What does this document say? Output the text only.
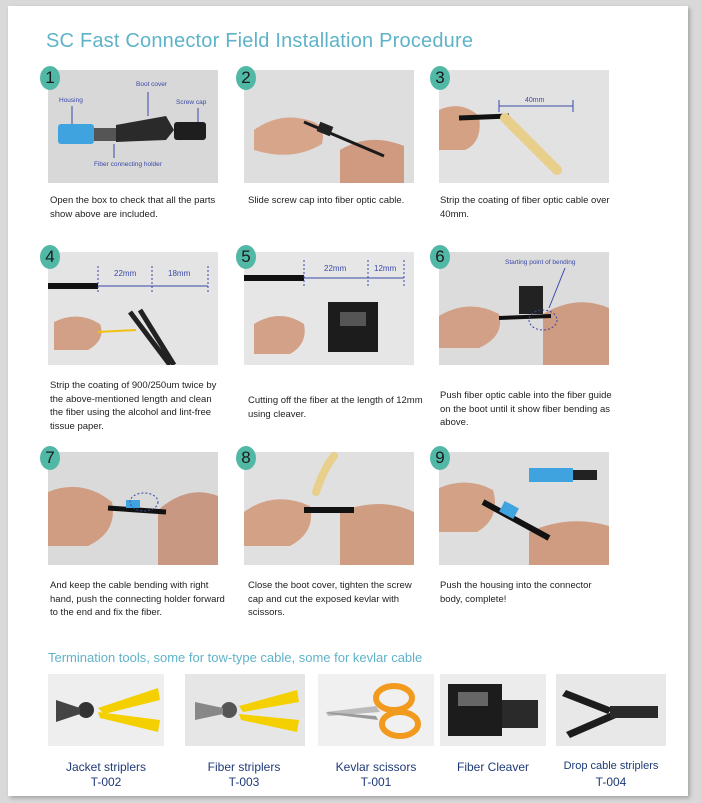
SC Fast Connector Field Installation Procedure
1
Housing
Boot cover
Screw cap
Fiber connecting holder
Open the box to check that all the parts show above are included.
2
Slide screw cap into fiber optic cable.
3
40mm
Strip the coating of fiber optic cable over 40mm.
4
22mm	18mm
Strip the coating of 900/250um twice by the above-mentioned length and clean the fiber using the alcohol and lint-free tissue paper.
5
22mm	12mm
Cutting off the fiber at the length of 12mm using cleaver.
6	Starting point of bending
Push fiber optic cable into the fiber guide on the boot until it show fiber bending as above.
7
And keep the cable bending with right hand, push the connecting holder forward to the end and fix the fiber.
8
Close the boot cover, tighten the screw cap and cut the exposed kevlar with scissors.
9
Push the housing into the connector body, complete!
Termination tools, some for tow-type cable, some for kevlar cable
Jacket striplers
T-002
Fiber striplers
T-003
Kevlar scissors
T-001
Fiber Cleaver	Drop cable striplers
T-004
